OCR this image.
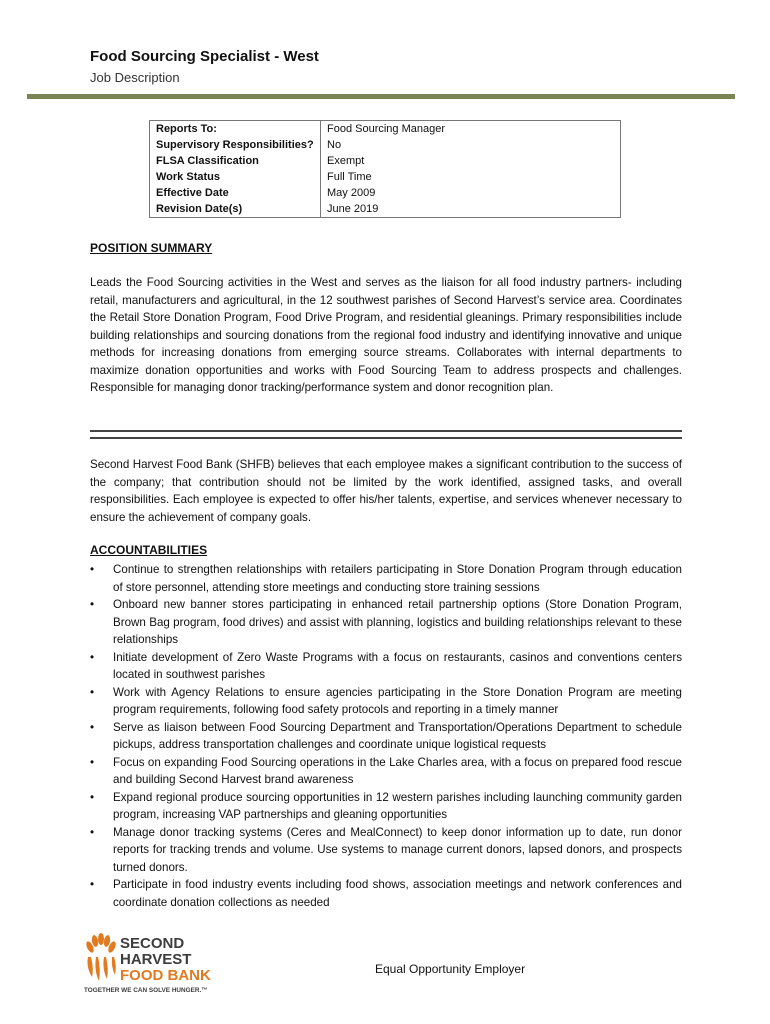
Food Sourcing Specialist - West
Job Description
Reports To:	Food Sourcing Manager
Supervisory Responsibilities?	No
FLSA Classification	Exempt
Work Status	Full Time
Effective Date	May 2009
Revision Date(s)	June 2019
POSITION SUMMARY

Leads the Food Sourcing activities in the West and serves as the liaison for all food industry partners- including retail, manufacturers and agricultural, in the 12 southwest parishes of Second Harvest’s service area. Coordinates the Retail Store Donation Program, Food Drive Program, and residential gleanings. Primary responsibilities include building relationships and sourcing donations from the regional food industry and identifying innovative and unique methods for increasing donations from emerging source streams. Collaborates with internal departments to maximize donation opportunities and works with Food Sourcing Team to address prospects and challenges. Responsible for managing donor tracking/performance system and donor recognition plan.

Second Harvest Food Bank (SHFB) believes that each employee makes a significant contribution to the success of the company; that contribution should not be limited by the work identified, assigned tasks, and overall responsibilities. Each employee is expected to offer his/her talents, expertise, and services whenever necessary to ensure the achievement of company goals.

ACCOUNTABILITIES
• Continue to strengthen relationships with retailers participating in Store Donation Program through education of store personnel, attending store meetings and conducting store training sessions
• Onboard new banner stores participating in enhanced retail partnership options (Store Donation Program, Brown Bag program, food drives) and assist with planning, logistics and building relationships relevant to these relationships
• Initiate development of Zero Waste Programs with a focus on restaurants, casinos and conventions centers located in southwest parishes
• Work with Agency Relations to ensure agencies participating in the Store Donation Program are meeting program requirements, following food safety protocols and reporting in a timely manner
• Serve as liaison between Food Sourcing Department and Transportation/Operations Department to schedule pickups, address transportation challenges and coordinate unique logistical requests
• Focus on expanding Food Sourcing operations in the Lake Charles area, with a focus on prepared food rescue and building Second Harvest brand awareness
• Expand regional produce sourcing opportunities in 12 western parishes including launching community garden program, increasing VAP partnerships and gleaning opportunities
• Manage donor tracking systems (Ceres and MealConnect) to keep donor information up to date, run donor reports for tracking trends and volume. Use systems to manage current donors, lapsed donors, and prospects turned donors.
• Participate in food industry events including food shows, association meetings and network conferences and coordinate donation collections as needed
SECOND
HARVEST
FOOD BANK
TOGETHER WE CAN SOLVE HUNGER.™
Equal Opportunity Employer
